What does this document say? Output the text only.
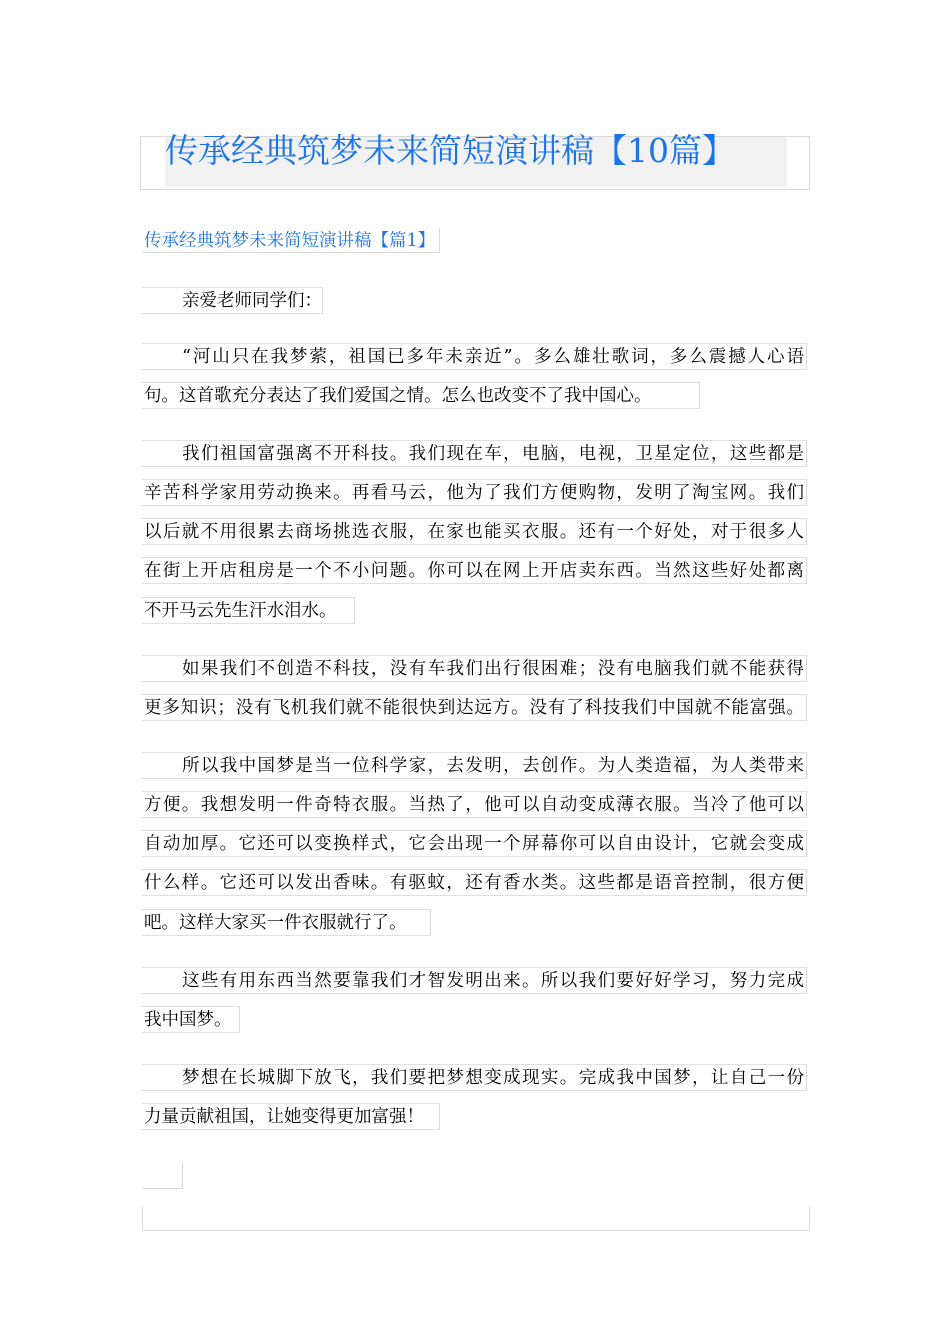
传承经典筑梦未来简短演讲稿【10篇】
传承经典筑梦未来简短演讲稿【篇1】
亲爱老师同学们：
“河山只在我梦萦，祖国已多年未亲近”。多么雄壮歌词，多么震撼人心语
句。这首歌充分表达了我们爱国之情。怎么也改变不了我中国心。
我们祖国富强离不开科技。我们现在车，电脑，电视，卫星定位，这些都是
辛苦科学家用劳动换来。再看马云，他为了我们方便购物，发明了淘宝网。我们
以后就不用很累去商场挑选衣服，在家也能买衣服。还有一个好处，对于很多人
在街上开店租房是一个不小问题。你可以在网上开店卖东西。当然这些好处都离
不开马云先生汗水泪水。
如果我们不创造不科技，没有车我们出行很困难；没有电脑我们就不能获得
更多知识；没有飞机我们就不能很快到达远方。没有了科技我们中国就不能富强。
所以我中国梦是当一位科学家，去发明，去创作。为人类造福，为人类带来
方便。我想发明一件奇特衣服。当热了，他可以自动变成薄衣服。当冷了他可以
自动加厚。它还可以变换样式，它会出现一个屏幕你可以自由设计，它就会变成
什么样。它还可以发出香味。有驱蚊，还有香水类。这些都是语音控制，很方便
吧。这样大家买一件衣服就行了。
这些有用东西当然要靠我们才智发明出来。所以我们要好好学习，努力完成
我中国梦。
梦想在长城脚下放飞，我们要把梦想变成现实。完成我中国梦，让自己一份
力量贡献祖国，让她变得更加富强！
